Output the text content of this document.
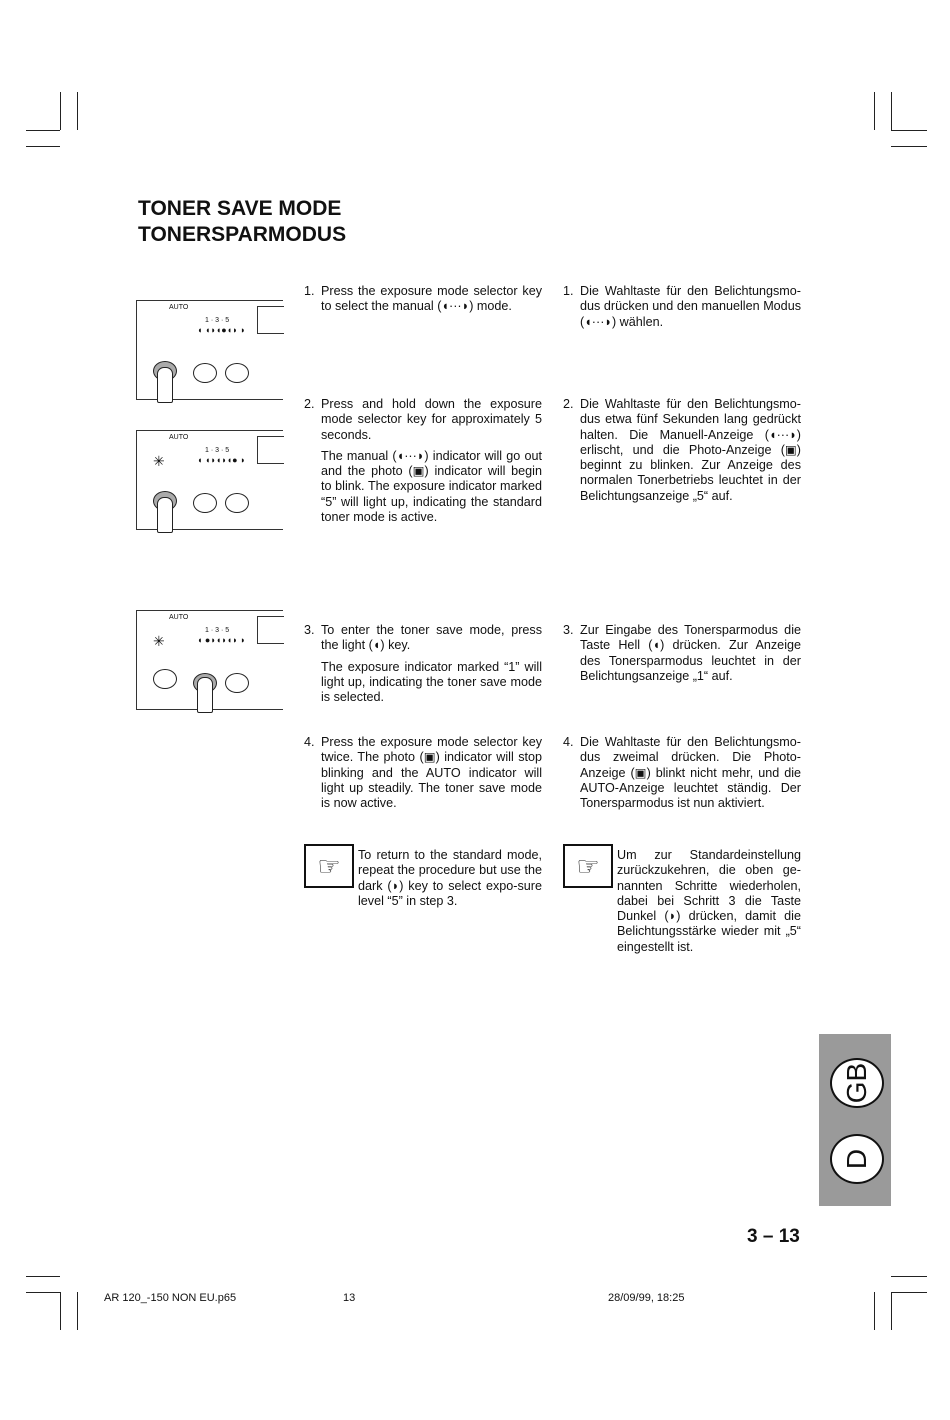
TONER SAVE MODE
TONERSPARMODUS
AUTO
1 · 3 · 5
◖ ◖◗◖●◖◗ ◗
AUTO
1 · 3 · 5
◖ ◖◗◖◗◖● ◗
✳
AUTO
1 · 3 · 5
◖ ●◗◖◗◖◗ ◗
✳
1. Press the exposure mode selector key to select the manual (◖···◗) mode.

2. Press and hold down the exposure mode selector key for approximately 5 seconds.

The manual (◖···◗) indicator will go out and the photo (▣) indicator will begin to blink. The exposure indicator marked “5” will light up, indicating the standard toner mode is active.

3. To enter the toner save mode, press the light (◖) key.

The exposure indicator marked “1” will light up, indicating the toner save mode is selected.

4. Press the exposure mode selector key twice. The photo (▣) indicator will stop blinking and the AUTO indicator will light up steadily. The toner save mode is now active.

1. Die Wahltaste für den Belichtungsmo-dus drücken und den manuellen Modus (◖···◗) wählen.

2. Die Wahltaste für den Belichtungsmo-dus etwa fünf Sekunden lang gedrückt halten. Die Manuell-Anzeige (◖···◗) erlischt, und die Photo-Anzeige (▣) beginnt zu blinken. Zur Anzeige des normalen Tonerbetriebs leuchtet in der Belichtungsanzeige „5“ auf.

3. Zur Eingabe des Tonersparmodus die Taste Hell (◖) drücken. Zur Anzeige des Tonersparmodus leuchtet in der Belichtungsanzeige „1“ auf.

4. Die Wahltaste für den Belichtungsmo-dus zweimal drücken. Die Photo-Anzeige (▣) blinkt nicht mehr, und die AUTO-Anzeige leuchtet ständig. Der Tonersparmodus ist nun aktiviert.

☞	To return to the standard mode, repeat the procedure but use the dark (◗) key to select expo-sure level “5” in step 3.
☞	Um zur Standardeinstellung zurückzukehren, die oben ge-nannten Schritte wiederholen, dabei bei Schritt 3 die Taste Dunkel (◗) drücken, damit die Belichtungsstärke wieder mit „5“ eingestellt ist.
GB
D
3 – 13
AR 120_-150 NON EU.p65	13	28/09/99, 18:25
